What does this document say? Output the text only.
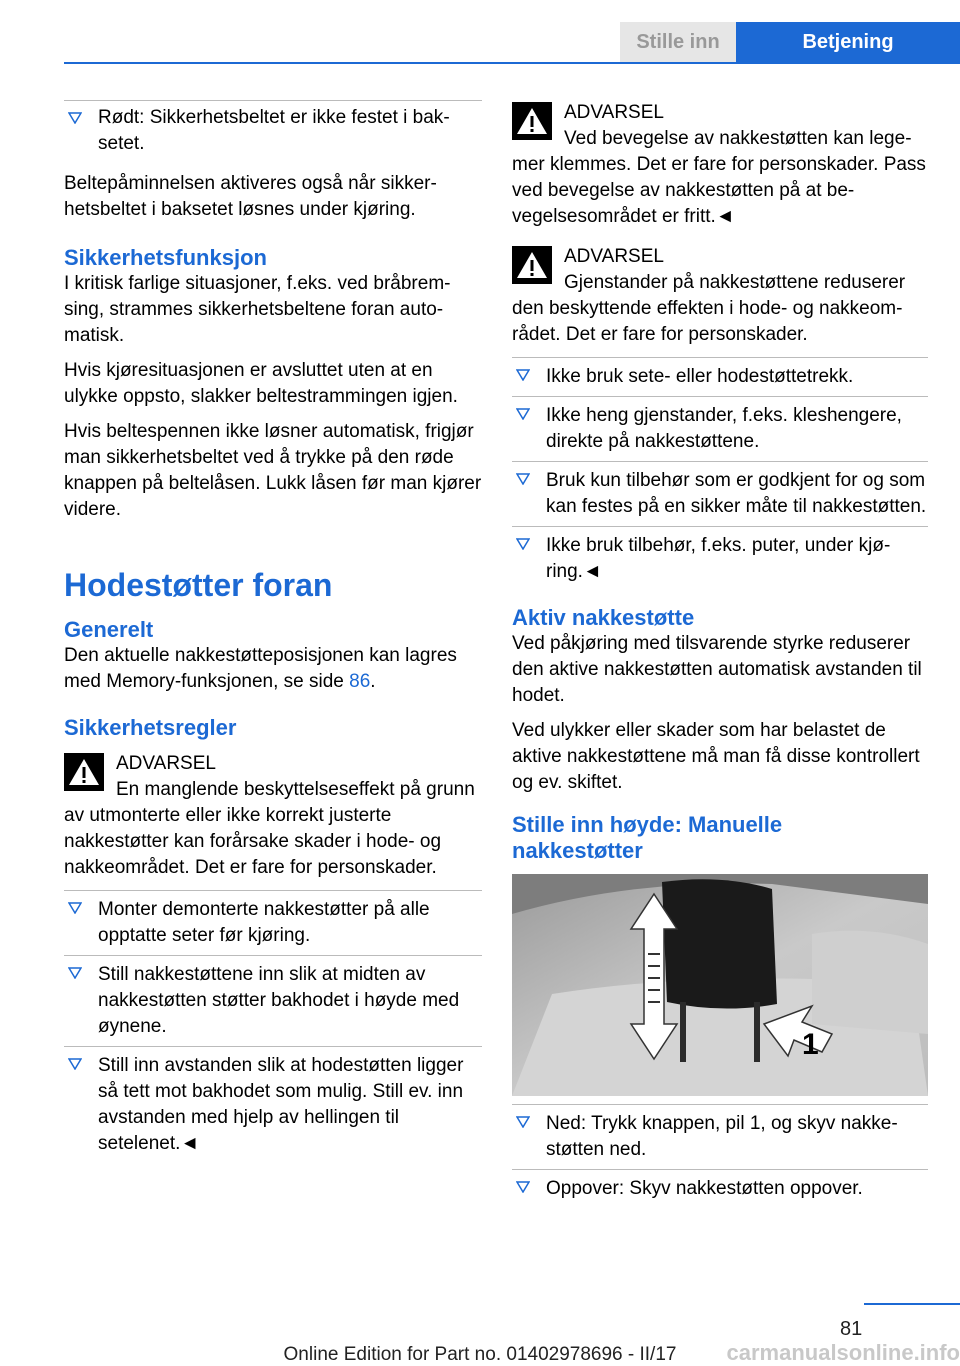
Stille inn	Betjening
Rødt: Sikkerhetsbeltet er ikke festet i baksetet.

Beltepåminnelsen aktiveres også når sikkerhetsbeltet i baksetet løsnes under kjøring.

Sikkerhetsfunksjon

I kritisk farlige situasjoner, f.eks. ved bråbremsing, strammes sikkerhetsbeltene foran automatisk.

Hvis kjøresituasjonen er avsluttet uten at en ulykke oppsto, slakker beltestrammingen igjen.

Hvis beltespennen ikke løsner automatisk, frigjør man sikkerhetsbeltet ved å trykke på den røde knappen på beltelåsen. Lukk låsen før man kjører videre.

Hodestøtter foran
Generelt

Den aktuelle nakkestøtteposisjonen kan lagres med Memory-funksjonen, se side 86.

Sikkerhetsregler
ADVARSEL
En manglende beskyttelseseffekt på grunn av utmonterte eller ikke korrekt justerte nakkestøtter kan forårsake skader i hode- og nakkeområdet. Det er fare for personskader.
Monter demonterte nakkestøtter på alle opptatte seter før kjøring.
Still nakkestøttene inn slik at midten av nakkestøtten støtter bakhodet i høyde med øynene.
Still inn avstanden slik at hodestøtten ligger så tett mot bakhodet som mulig. Still ev. inn avstanden med hjelp av hellingen til setelenet.◄
ADVARSEL
Ved bevegelse av nakkestøtten kan legemer klemmes. Det er fare for personskader. Pass ved bevegelse av nakkestøtten på at bevegelsesområdet er fritt.◄
ADVARSEL
Gjenstander på nakkestøttene reduserer den beskyttende effekten i hode- og nakkeområdet. Det er fare for personskader.
Ikke bruk sete- eller hodestøttetrekk.
Ikke heng gjenstander, f.eks. kleshengere, direkte på nakkestøttene.
Bruk kun tilbehør som er godkjent for og som kan festes på en sikker måte til nakkestøtten.
Ikke bruk tilbehør, f.eks. puter, under kjøring.◄
Aktiv nakkestøtte

Ved påkjøring med tilsvarende styrke reduserer den aktive nakkestøtten automatisk avstanden til hodet.

Ved ulykker eller skader som har belastet de aktive nakkestøttene må man få disse kontrollert og ev. skiftet.

Stille inn høyde: Manuelle nakkestøtter
1
Ned: Trykk knappen, pil 1, og skyv nakkestøtten ned.
Oppover: Skyv nakkestøtten oppover.
81
carmanualsonline.info
Online Edition for Part no. 01402978696 - II/17
